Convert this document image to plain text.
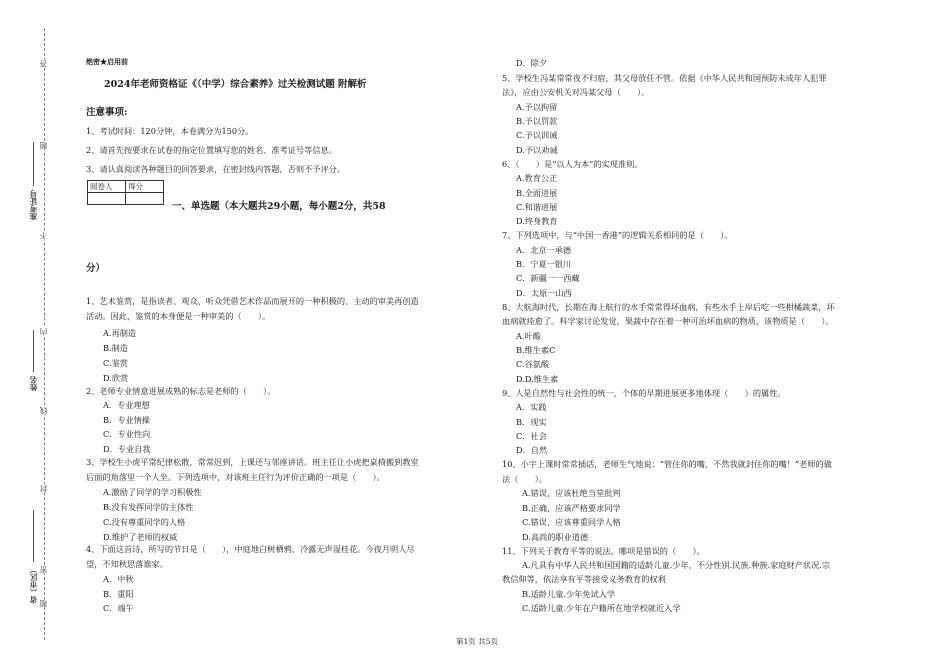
答
题
不
内
线
封
密
题
准考证号
姓名
省（市区）
绝密★启用前
2024年老师资格证《（中学）综合素养》过关检测试题 附解析
注意事项:
1、考试时间：120分钟，本卷满分为150分。
2、请首先按要求在试卷的指定位置填写您的姓名、准考证号等信息。
3、请认真阅读各种题目的回答要求，在密封线内答题，否则不予评分。
阅卷人	得分

一、单选题（本大题共29小题，每小题2分，共58
分）
1、艺术鉴赏，是指读者、观众、听众凭借艺术作品而展开的一种积极的、主动的审美再创造
活动。因此，鉴赏的本身便是一种审美的（　　）。
A.再制造
B.制造
C.鉴赏
D.欣赏
2、老师专业情意进展成熟的标志是老师的（　　）。
A．专业理想
B．专业情操
C．专业性向
D．专业自我
3、学校生小虎平常纪律松散，常常迟到，上课还与邻座讲话。班主任让小虎把桌椅搬到教室
后面的角落里一个人坐。下列选项中，对该班主任行为评价正确的一项是（　　）。
A.激励了同学的学习积极性
B.没有发挥同学的主体性
C.没有尊重同学的人格
D.维护了老师的权威
4、下面这首诗，所写的节日是（　　），中庭地白树栖鸦，冷露无声湿桂花。今夜月明人尽
望，不知秋思落谁家。
A．中秋
B．重阳
C．端午
D．除夕
5、学校生冯某常常夜不归宿，其父母放任不管。依据《中华人民共和国预防未成年人犯罪
法》，应由公安机关对冯某父母（　　）。
A.予以拘留
B.予以罚款
C.予以训诫
D.予以劝诫
6、（　　）是“以人为本”的实现准则。
A.教育公正
B.全面进展
C.和谐进展
D.终身教育
7、下列选项中，与“中国一香港”的逻辑关系相同的是（　　）。
A．北京一承德
B．宁夏一银川
C．新疆一一西藏
D．太原一山西
8、大航海时代，长期在海上航行的水手常常得坏血病，有些水手上岸后吃一些柑橘蔬菜，坏
血病就痊愈了。科学家讨论发觉，果蔬中存在着一种可治坏血病的物质，该物质是（　　）。
A.叶酸
B.维生素C
C.谷氨酸
D.D.维生素
9、人是自然性与社会性的统一，个体的早期进展更多地体现（　　）的属性。
A．实践
B．现实
C．社会
D．自然
10、小宇上课时常常插话，老师生气地说：“管住你的嘴，不然我就封住你的嘴！”老师的做
法（　　）。
A.错误，应该杜绝当堂批判
B.正确，应该严格要求同学
C.错误，应该尊重同学人格
D.高尚的职业道德
11、下列关于教育平等的说法，哪项是错误的（　　）。
A.凡具有中华人民共和国国籍的适龄儿童.少年，不分性别.民族.种族.家庭财产状况.宗
教信仰等，依法享有平等接受义务教育的权利
B.适龄儿童.少年免试入学
C.适龄儿童.少年在户籍所在地学校就近入学
第1页 共5页
